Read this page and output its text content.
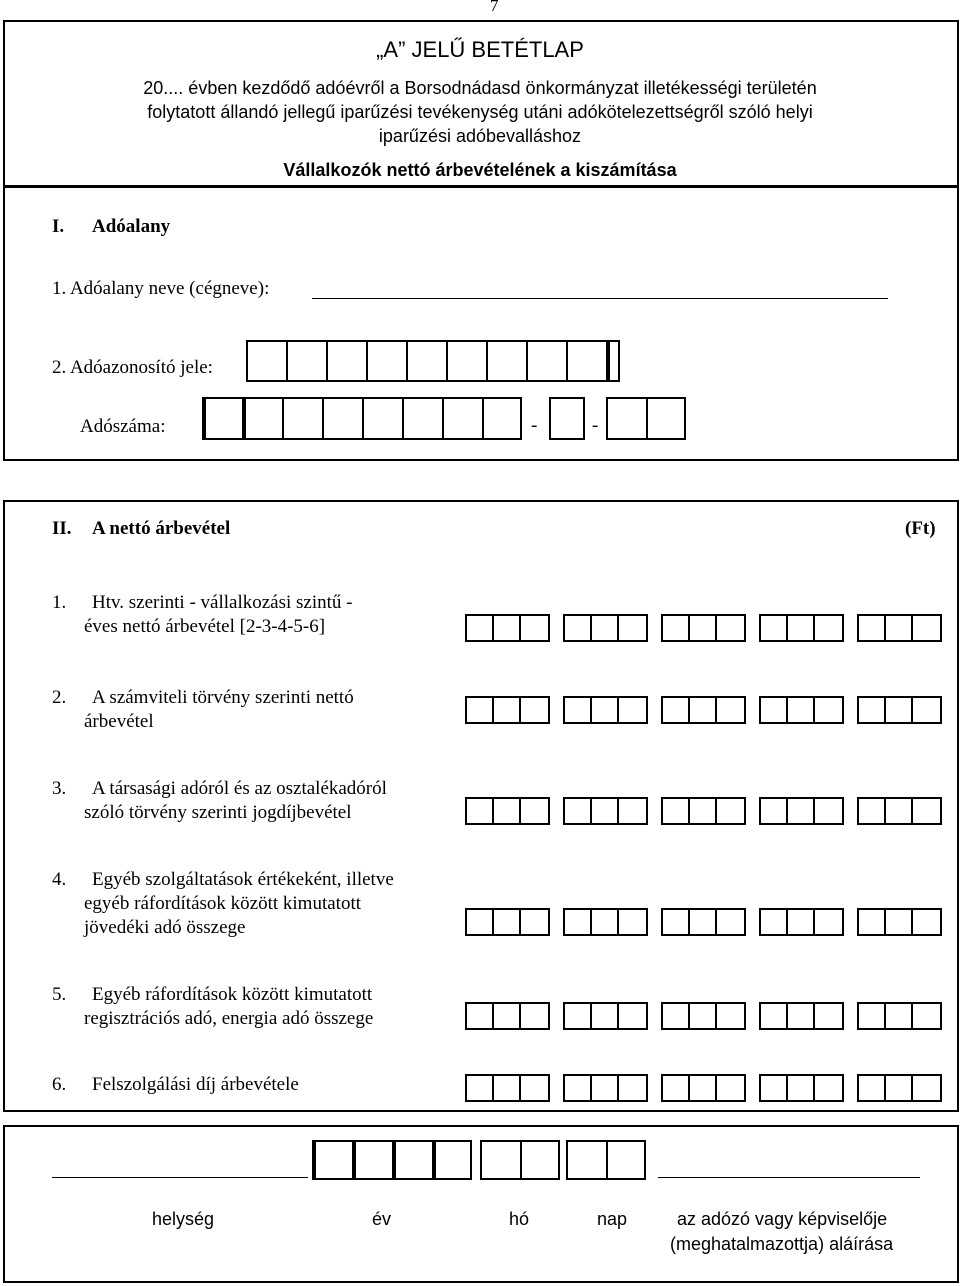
7
„A” JELŰ BETÉTLAP
20.... évben kezdődő adóévről a Borsodnádasd önkormányzat illetékességi területén
folytatott állandó jellegű iparűzési tevékenység utáni adókötelezettségről szóló helyi
iparűzési adóbevalláshoz
Vállalkozók nettó árbevételének a kiszámítása
I. Adóalany
1. Adóalany neve (cégneve):
2. Adóazonosító jele:
Adószáma:	-	-
II. A nettó árbevétel	(Ft)
1. Htv. szerinti - vállalkozási szintű -
éves nettó árbevétel [2-3-4-5-6]
2. A számviteli törvény szerinti nettó
árbevétel
3. A társasági adóról és az osztalékadóról
szóló törvény szerinti jogdíjbevétel
4. Egyéb szolgáltatások értékeként, illetve
egyéb ráfordítások között kimutatott
jövedéki adó összege
5. Egyéb ráfordítások között kimutatott
regisztrációs adó, energia adó összege
6. Felszolgálási díj árbevétele
helység	év	hó	nap	az adózó vagy képviselője
(meghatalmazottja) aláírása
